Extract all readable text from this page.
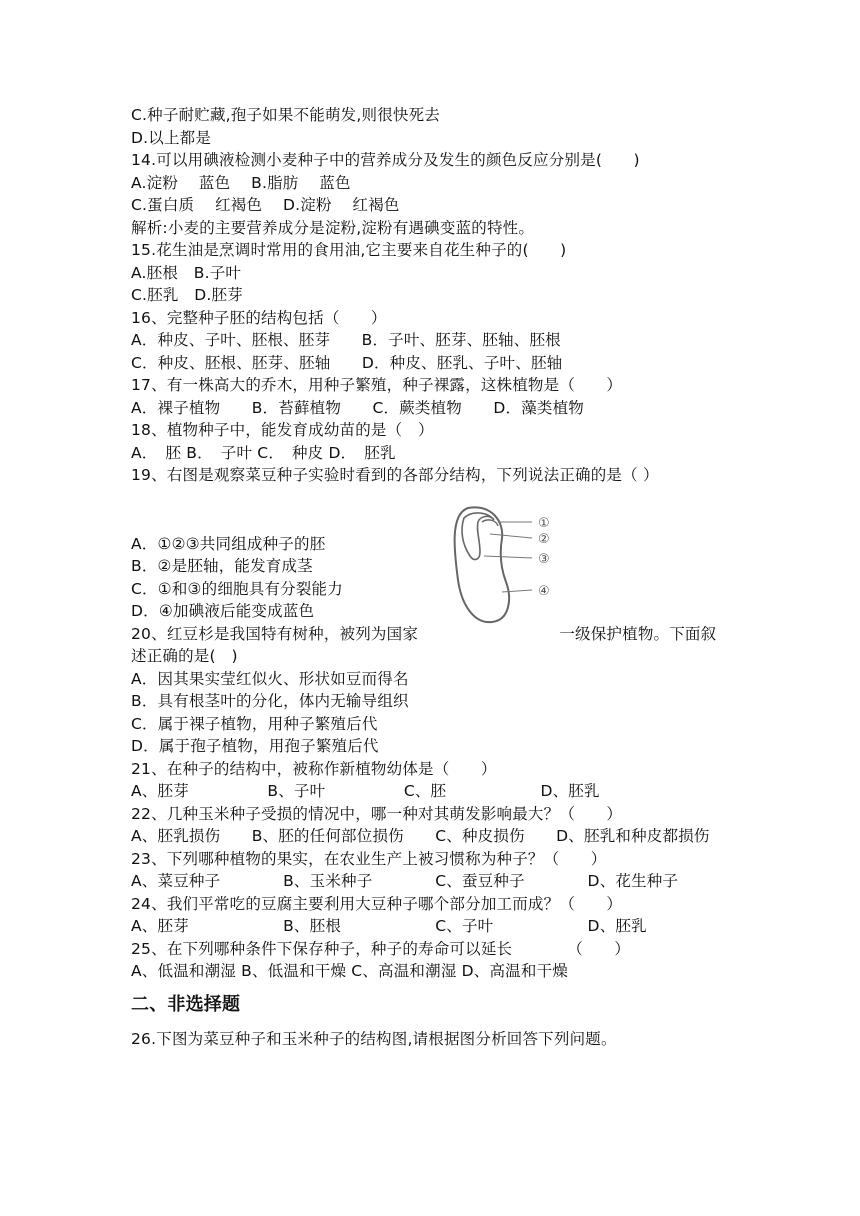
C.种子耐贮藏,孢子如果不能萌发,则很快死去
D.以上都是
14.可以用碘液检测小麦种子中的营养成分及发生的颜色反应分别是(　　)
A.淀粉　 蓝色　 B.脂肪　 蓝色
C.蛋白质　 红褐色　 D.淀粉　 红褐色
解析:小麦的主要营养成分是淀粉,淀粉有遇碘变蓝的特性。
15.花生油是烹调时常用的食用油,它主要来自花生种子的(　　)
A.胚根　B.子叶
C.胚乳　D.胚芽
16、完整种子胚的结构包括（　　）
A．种皮、子叶、胚根、胚芽　　B．子叶、胚芽、胚轴、胚根
C．种皮、胚根、胚芽、胚轴　　D．种皮、胚乳、子叶、胚轴
17、有一株高大的乔木，用种子繁殖，种子裸露，这株植物是（　　）
A．裸子植物　　B．苔藓植物　　C．蕨类植物　　D．藻类植物
18、植物种子中，能发育成幼苗的是（　）
A．　胚 B．　子叶 C．　种皮 D．　胚乳
19、右图是观察菜豆种子实验时看到的各部分结构，下列说法正确的是（ ）
①
②
③
④
A．①②③共同组成种子的胚
B．②是胚轴，能发育成茎
C．①和③的细胞具有分裂能力
D．④加碘液后能变成蓝色
20、红豆杉是我国特有树种，被列为国家　　　　　　　　　一级保护植物。下面叙
述正确的是(　)
A．因其果实莹红似火、形状如豆而得名
B．具有根茎叶的分化，体内无输导组织
C．属于裸子植物，用种子繁殖后代
D．属于孢子植物，用孢子繁殖后代
21、在种子的结构中，被称作新植物幼体是（　　）
A、胚芽　　　　　B、子叶　　　　　C、胚　　　　　　D、胚乳
22、几种玉米种子受损的情况中，哪一种对其萌发影响最大？（　　）
A、胚乳损伤　　B、胚的任何部位损伤　　C、种皮损伤　　D、胚乳和种皮都损伤
23、下列哪种植物的果实，在农业生产上被习惯称为种子？（　　）
A、菜豆种子　　　　B、玉米种子　　　　C、蚕豆种子　　　　D、花生种子
24、我们平常吃的豆腐主要利用大豆种子哪个部分加工而成？（　　）
A、胚芽　　　　　　B、胚根　　　　　　C、子叶　　　　　　D、胚乳
25、在下列哪种条件下保存种子，种子的寿命可以延长　　　　（　　）
A、低温和潮湿 B、低温和干燥 C、高温和潮湿 D、高温和干燥
二、非选择题
26.下图为菜豆种子和玉米种子的结构图,请根据图分析回答下列问题。
